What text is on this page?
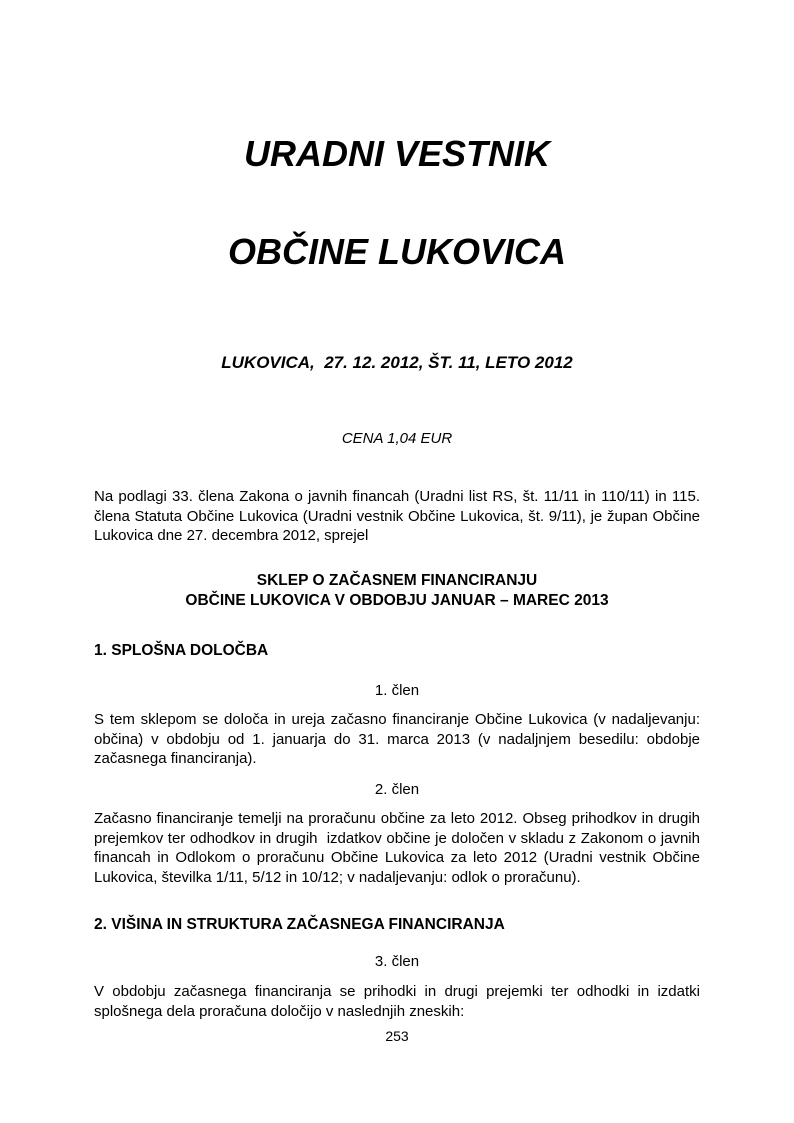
URADNI VESTNIK
OBČINE LUKOVICA
LUKOVICA,  27. 12. 2012, ŠT. 11, LETO 2012
CENA 1,04 EUR

Na podlagi 33. člena Zakona o javnih financah (Uradni list RS, št. 11/11 in 110/11) in 115. člena Statuta Občine Lukovica (Uradni vestnik Občine Lukovica, št. 9/11), je župan Občine Lukovica dne 27. decembra 2012, sprejel

SKLEP O ZAČASNEM FINANCIRANJU
OBČINE LUKOVICA V OBDOBJU JANUAR – MAREC 2013
1. SPLOŠNA DOLOČBA
1. člen

S tem sklepom se določa in ureja začasno financiranje Občine Lukovica (v nadaljevanju: občina) v obdobju od 1. januarja do 31. marca 2013 (v nadaljnjem besedilu: obdobje začasnega financiranja).

2. člen

Začasno financiranje temelji na proračunu občine za leto 2012. Obseg prihodkov in drugih prejemkov ter odhodkov in drugih  izdatkov občine je določen v skladu z Zakonom o javnih financah in Odlokom o proračunu Občine Lukovica za leto 2012 (Uradni vestnik Občine Lukovica, številka 1/11, 5/12 in 10/12; v nadaljevanju: odlok o proračunu).

2. VIŠINA IN STRUKTURA ZAČASNEGA FINANCIRANJA
3. člen

V obdobju začasnega financiranja se prihodki in drugi prejemki ter odhodki in izdatki splošnega dela proračuna določijo v naslednjih zneskih:

253
